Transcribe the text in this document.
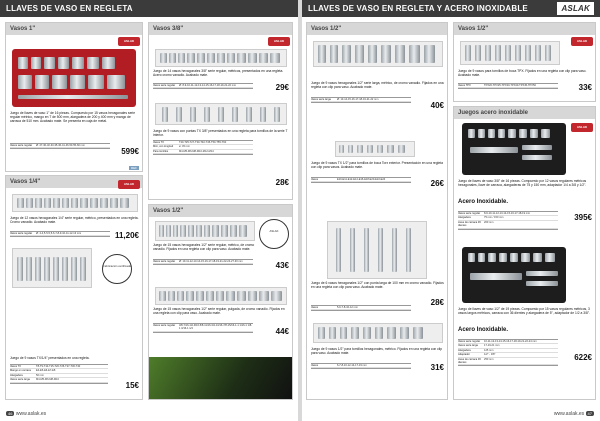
LLAVES DE VASO EN REGLETA
Vasos 1"
ASLAK
Juego de llaves de vaso 1" de 16 piezas. Compuesto por 15 vasos hexagonales serie regular métrico, mango en T de 500 mm, alargadera de 200 y 400 mm y mango de carraca de 510 mm. Acabado mate. Se presenta en caja de metal.
Vasos serie regular	Ø: 27-30-32-33-35-36-41-46-50-55-60 mm
599€
REF
Vasos 1/4"	ASLAK
Juego de 12 vasos hexagonales 1/4" serie regular, métrico, presentados en una regleta. Cromo vanadio. Acabado mate.
Vasos serie regular	Ø: 4-4,5-5-5,5-6-7-8-9-10-11-12-13 mm	11,20€
Fabricación certificada
Juego de 9 vasos TX/1/4" presentados en una regleta.
Vasos TX	T8-T9-T10-T15-T20-T25-T27-T30-T40
Mango en carraca	E4-E5-E6-E7-E8
Alargadera	50 mm
Vasos serie larga	M4-M5-M6-M8-M10
15€
Vasos 3/8"
ASLAK
Juego de 14 vasos hexagonales 3/8" serie regular, métricos, presentados en una regleta. Acero cromo vanadio. Acabado mate.
Vasos serie regular	Ø: 8-9-10-11-12-13-14-15-16-17-18-19-21-22 mm	29€
Juego de 9 vasos con puntas TX 3/8" presentados en una regleta para tornillos de la serie T interior.
Vasos TX	T20-T25-T27-T30-T40-T45-T50-T55-T60
Mini, con longitud	ø: 45 mm
Para tornillos	M4-M5-M6-M8-M10-M12-M14
28€
Vasos 1/2"
ASLAK
Juego de 15 vasos hexagonales 1/2" serie regular, métrico, de cromo vanadio. Fijados en una regleta con clip para vaso. Acabado mate.
Vasos serie regular	Ø: 10-11-12-13-14-15-16-17-18-19-21-22-24-27-30 mm	43€
Juego de 15 vasos hexagonales 1/2" serie regular, pulgada, de cromo vanadio. Fijados en una regleta con clip para vaso. Acabado mate.
Vasos serie regular	3/8-7/16-1/2-9/16-5/8-11/16-3/4-13/16-7/8-15/16-1-1 1/16-1 1/8-1 3/16-1 1/4	44€
46 www.aslak.es
LLAVES DE VASO EN REGLETA Y ACERO INOXIDABLE	ASLAK
Vasos 1/2"
Juego de 9 vasos hexagonales 1/2" serie larga, métrico, de cromo vanadio. Fijados en una regleta con clip para vaso. Acabado mate.
Vasos serie larga	Ø: 13-14-15-16-17-18-19-21-22 mm
40€
Juego de 9 vasos TX 1/2" para tornillos de boca Torx exterior. Presentación en una regleta con clip para vasos. Acabado mate.
Vasos	E10-E11-E12-E14-E16-E18-E20-E22-E24	26€
Juego de 6 vasos hexagonales 1/2" con punta larga de 100 mm en cromo vanadio. Fijados en una regleta con clip para vaso. Acabado mate.
Vasos	5-6-7-8-10-12 mm
28€
Juego de 9 vasos 1/2" para tornillos hexagonales, métrico. Fijados en una regleta con clip para vaso. Acabado mate.
Vasos	6-7-8-10-12-14-17-19 mm	31€
Vasos 1/2"
ASLAK
Juego de 9 vasos para tornillos de boca TPX. Fijados en una regleta con clip para vaso. Acabado mate.
Vasos TPX	TPX20-TPX25-TPX30-TPX40-TPX45-TPX50	33€
Juegos acero inoxidable
ASLAK
Juego de llaves de vaso 3/8" de 16 piezas. Compuesto por 12 vasos regulares métricos hexagonales, llave de carraca, alargaderas de 75 y 150 mm, adaptador 1/4 a 3/8 y 1/2".
Acero Inoxidable.
Vasos serie regular	8-9-10-11-12-13-14-15-16-17-18-19 mm
Alargadera	75 mm / 150 mm
Llave de carraca 36 dientes
200 mm
395€
Juego de llaves de vaso 1/2" de 19 piezas. Compuesto por 15 vasos regulares métricos, 3 vasos largos métricos, carraca con 36 dientes y alargadera de 5", adaptador de 1/2 a 3/8".
Acero Inoxidable.
Vasos serie regular	10-11-12-13-14-15-16-17-18-19-21-22-24 mm
Vasos serie larga	17-19-21 mm
Alargadera	125 mm
Adaptador	1/2" - 3/8"
Llave de carraca 36 dientes
250 mm	622€
www.aslak.es 47
